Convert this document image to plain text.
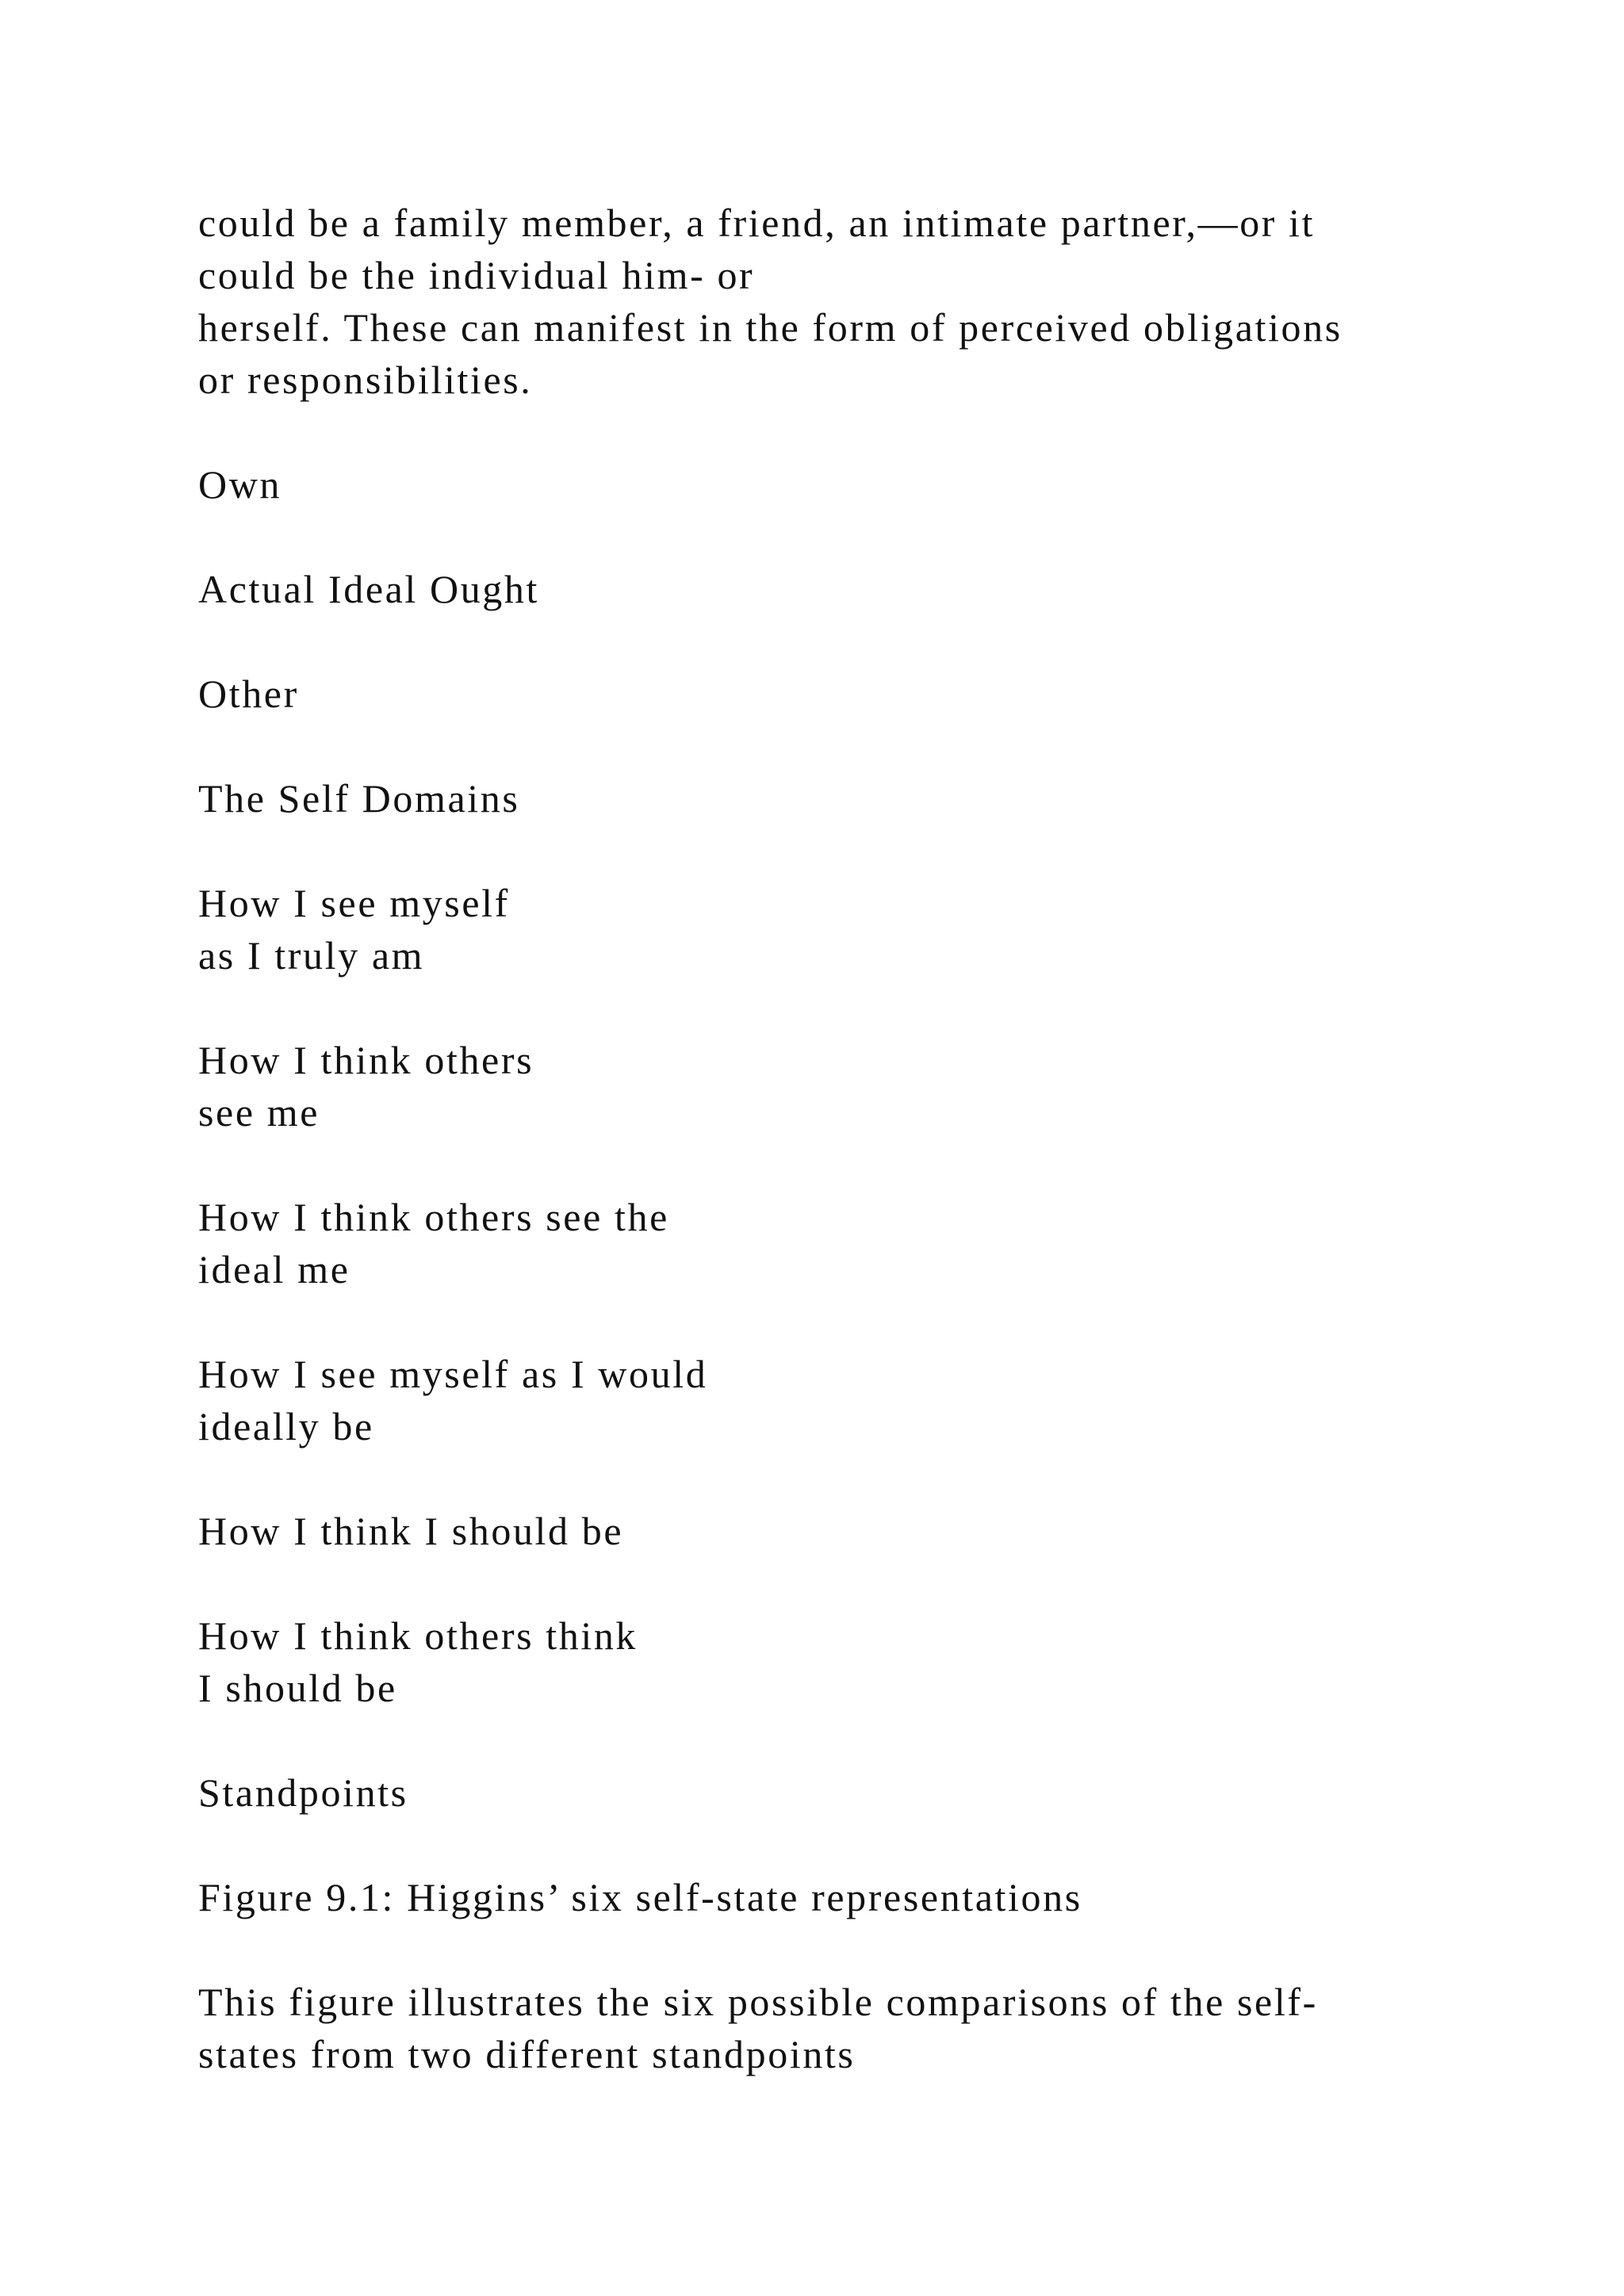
could be a family member, a friend, an intimate partner,—or it
could be the individual him- or
herself. These can manifest in the form of perceived obligations
or responsibilities.
Own
Actual Ideal Ought
Other
The Self Domains
How I see myself
as I truly am
How I think others
see me
How I think others see the
ideal me
How I see myself as I would
ideally be
How I think I should be
How I think others think
I should be
Standpoints
Figure 9.1: Higgins’ six self-state representations
This figure illustrates the six possible comparisons of the self-
states from two different standpoints
